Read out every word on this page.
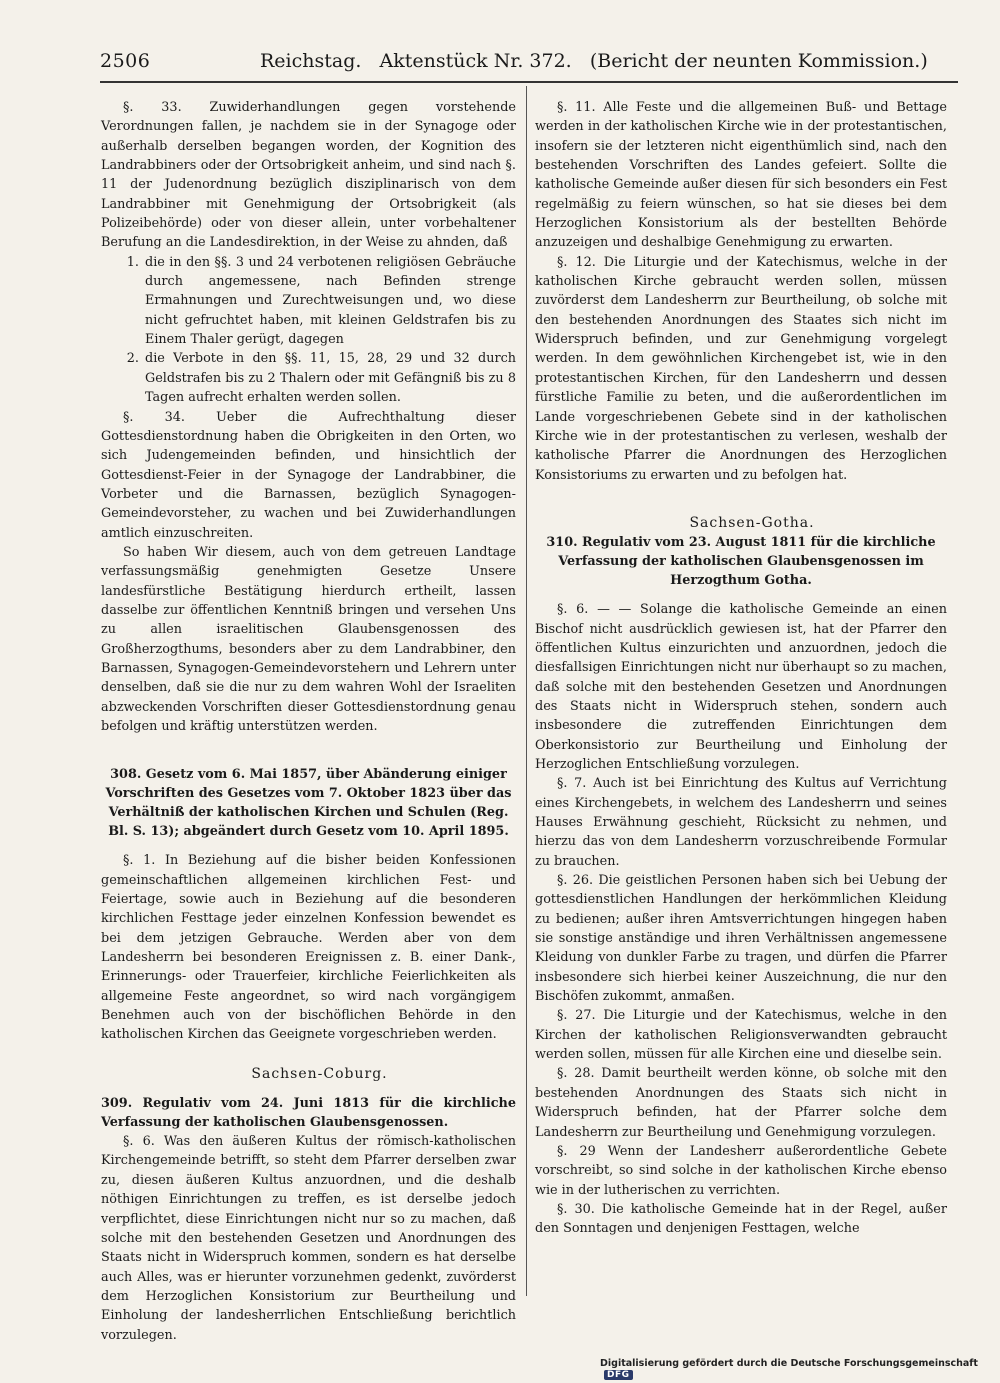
2506	Reichstag.   Aktenstück Nr. 372.   (Bericht der neunten Kommission.)

§. 33. Zuwiderhandlungen gegen vorstehende Verordnungen fallen, je nachdem sie in der Synagoge oder außerhalb derselben begangen worden, der Kognition des Landrabbiners oder der Ortsobrigkeit anheim, und sind nach §. 11 der Judenordnung bezüglich disziplinarisch von dem Landrabbiner mit Genehmigung der Ortsobrigkeit (als Polizeibehörde) oder von dieser allein, unter vorbehaltener Berufung an die Landesdirektion, in der Weise zu ahnden, daß

1. die in den §§. 3 und 24 verbotenen religiösen Gebräuche durch angemessene, nach Befinden strenge Ermahnungen und Zurechtweisungen und, wo diese nicht gefruchtet haben, mit kleinen Geldstrafen bis zu Einem Thaler gerügt, dagegen
2. die Verbote in den §§. 11, 15, 28, 29 und 32 durch Geldstrafen bis zu 2 Thalern oder mit Gefängniß bis zu 8 Tagen aufrecht erhalten werden sollen.

§. 34. Ueber die Aufrechthaltung dieser Gottesdienstordnung haben die Obrigkeiten in den Orten, wo sich Judengemeinden befinden, und hinsichtlich der Gottesdienst-Feier in der Synagoge der Landrabbiner, die Vorbeter und die Barnassen, bezüglich Synagogen-Gemeindevorsteher, zu wachen und bei Zuwiderhandlungen amtlich einzuschreiten.

So haben Wir diesem, auch von dem getreuen Landtage verfassungsmäßig genehmigten Gesetze Unsere landesfürstliche Bestätigung hierdurch ertheilt, lassen dasselbe zur öffentlichen Kenntniß bringen und versehen Uns zu allen israelitischen Glaubensgenossen des Großherzogthums, besonders aber zu dem Landrabbiner, den Barnassen, Synagogen-Gemeindevorstehern und Lehrern unter denselben, daß sie die nur zu dem wahren Wohl der Israeliten abzweckenden Vorschriften dieser Gottesdienstordnung genau befolgen und kräftig unterstützen werden.

308. Gesetz vom 6. Mai 1857, über Abänderung einiger Vorschriften des Gesetzes vom 7. Oktober 1823 über das Verhältniß der katholischen Kirchen und Schulen (Reg. Bl. S. 13); abgeändert durch Gesetz vom 10. April 1895.

§. 1. In Beziehung auf die bisher beiden Konfessionen gemeinschaftlichen allgemeinen kirchlichen Fest- und Feiertage, sowie auch in Beziehung auf die besonderen kirchlichen Festtage jeder einzelnen Konfession bewendet es bei dem jetzigen Gebrauche. Werden aber von dem Landesherrn bei besonderen Ereignissen z. B. einer Dank-, Erinnerungs- oder Trauerfeier, kirchliche Feierlichkeiten als allgemeine Feste angeordnet, so wird nach vorgängigem Benehmen auch von der bischöflichen Behörde in den katholischen Kirchen das Geeignete vorgeschrieben werden.

Sachsen-Coburg.

309. Regulativ vom 24. Juni 1813 für die kirchliche Verfassung der katholischen Glaubensgenossen.

§. 6. Was den äußeren Kultus der römisch-katholischen Kirchengemeinde betrifft, so steht dem Pfarrer derselben zwar zu, diesen äußeren Kultus anzuordnen, und die deshalb nöthigen Einrichtungen zu treffen, es ist derselbe jedoch verpflichtet, diese Einrichtungen nicht nur so zu machen, daß solche mit den bestehenden Gesetzen und Anordnungen des Staats nicht in Widerspruch kommen, sondern es hat derselbe auch Alles, was er hierunter vorzunehmen gedenkt, zuvörderst dem Herzoglichen Konsistorium zur Beurtheilung und Einholung der landesherrlichen Entschließung berichtlich vorzulegen.

§. 11. Alle Feste und die allgemeinen Buß- und Bettage werden in der katholischen Kirche wie in der protestantischen, insofern sie der letzteren nicht eigenthümlich sind, nach den bestehenden Vorschriften des Landes gefeiert. Sollte die katholische Gemeinde außer diesen für sich besonders ein Fest regelmäßig zu feiern wünschen, so hat sie dieses bei dem Herzoglichen Konsistorium als der bestellten Behörde anzuzeigen und deshalbige Genehmigung zu erwarten.

§. 12. Die Liturgie und der Katechismus, welche in der katholischen Kirche gebraucht werden sollen, müssen zuvörderst dem Landesherrn zur Beurtheilung, ob solche mit den bestehenden Anordnungen des Staates sich nicht im Widerspruch befinden, und zur Genehmigung vorgelegt werden. In dem gewöhnlichen Kirchengebet ist, wie in den protestantischen Kirchen, für den Landesherrn und dessen fürstliche Familie zu beten, und die außerordentlichen im Lande vorgeschriebenen Gebete sind in der katholischen Kirche wie in der protestantischen zu verlesen, weshalb der katholische Pfarrer die Anordnungen des Herzoglichen Konsistoriums zu erwarten und zu befolgen hat.

Sachsen-Gotha.

310. Regulativ vom 23. August 1811 für die kirchliche Verfassung der katholischen Glaubensgenossen im Herzogthum Gotha.

§. 6. — — Solange die katholische Gemeinde an einen Bischof nicht ausdrücklich gewiesen ist, hat der Pfarrer den öffentlichen Kultus einzurichten und anzuordnen, jedoch die diesfallsigen Einrichtungen nicht nur überhaupt so zu machen, daß solche mit den bestehenden Gesetzen und Anordnungen des Staats nicht in Widerspruch stehen, sondern auch insbesondere die zutreffenden Einrichtungen dem Oberkonsistorio zur Beurtheilung und Einholung der Herzoglichen Entschließung vorzulegen.

§. 7. Auch ist bei Einrichtung des Kultus auf Verrichtung eines Kirchengebets, in welchem des Landesherrn und seines Hauses Erwähnung geschieht, Rücksicht zu nehmen, und hierzu das von dem Landesherrn vorzuschreibende Formular zu brauchen.

§. 26. Die geistlichen Personen haben sich bei Uebung der gottesdienstlichen Handlungen der herkömmlichen Kleidung zu bedienen; außer ihren Amtsverrichtungen hingegen haben sie sonstige anständige und ihren Verhältnissen angemessene Kleidung von dunkler Farbe zu tragen, und dürfen die Pfarrer insbesondere sich hierbei keiner Auszeichnung, die nur den Bischöfen zukommt, anmaßen.

§. 27. Die Liturgie und der Katechismus, welche in den Kirchen der katholischen Religionsverwandten gebraucht werden sollen, müssen für alle Kirchen eine und dieselbe sein.

§. 28. Damit beurtheilt werden könne, ob solche mit den bestehenden Anordnungen des Staats sich nicht in Widerspruch befinden, hat der Pfarrer solche dem Landesherrn zur Beurtheilung und Genehmigung vorzulegen.

§. 29 Wenn der Landesherr außerordentliche Gebete vorschreibt, so sind solche in der katholischen Kirche ebenso wie in der lutherischen zu verrichten.

§. 30. Die katholische Gemeinde hat in der Regel, außer den Sonntagen und denjenigen Festtagen, welche

Digitalisierung gefördert durch die Deutsche Forschungsgemeinschaft DFG
